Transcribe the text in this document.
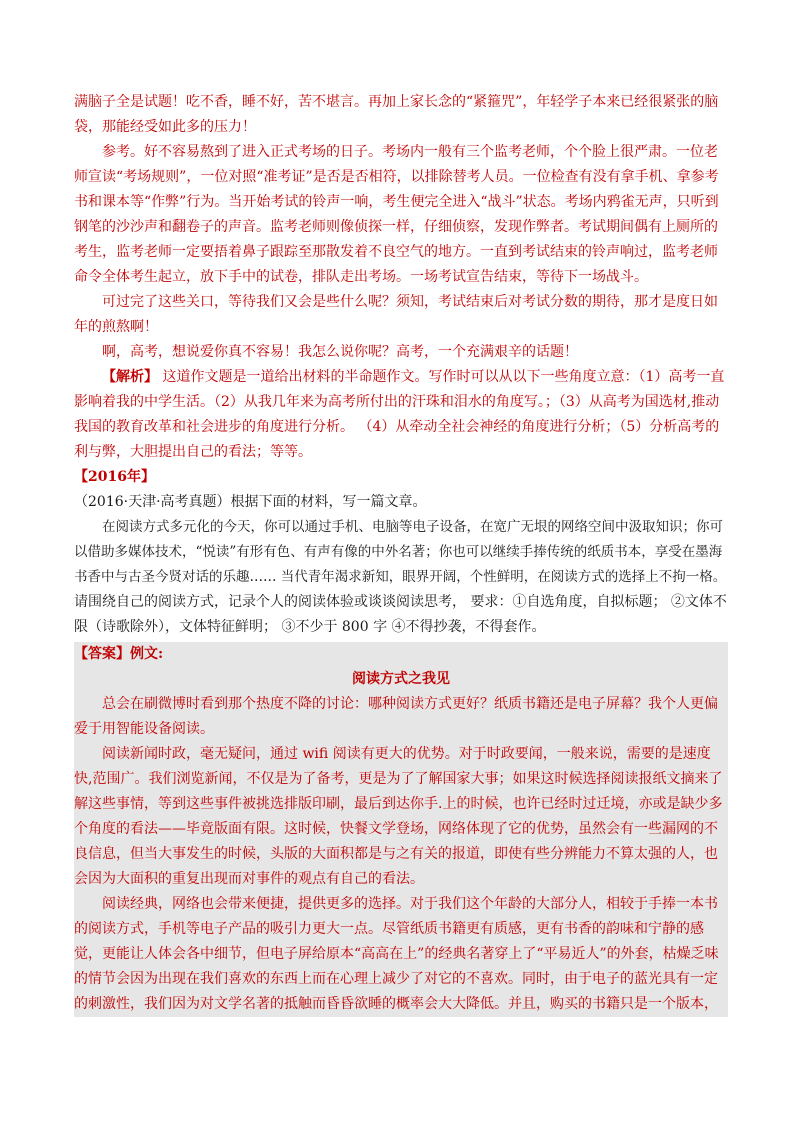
满脑子全是试题！吃不香，睡不好，苦不堪言。再加上家长念的“紧箍咒”，年轻学子本来已经很紧张的脑袋，那能经受如此多的压力！

参考。好不容易熬到了进入正式考场的日子。考场内一般有三个监考老师，个个脸上很严肃。一位老师宣读“考场规则”，一位对照“准考证”是否是否相符，以排除替考人员。一位检查有没有拿手机、拿参考书和课本等“作弊”行为。当开始考试的铃声一响，考生便完全进入“战斗”状态。考场内鸦雀无声，只听到钢笔的沙沙声和翻卷子的声音。监考老师则像侦探一样，仔细侦察，发现作弊者。考试期间偶有上厕所的考生，监考老师一定要捂着鼻子跟踪至那散发着不良空气的地方。一直到考试结束的铃声响过，监考老师命令全体考生起立，放下手中的试卷，排队走出考场。一场考试宣告结束，等待下一场战斗。

可过完了这些关口，等待我们又会是些什么呢？须知，考试结束后对考试分数的期待，那才是度日如年的煎熬啊！

啊，高考，想说爱你真不容易！我怎么说你呢？高考，一个充满艰辛的话题！

【解析】 这道作文题是一道给出材料的半命题作文。写作时可以从以下一些角度立意：（1）高考一直影响着我的中学生活。（2）从我几年来为高考所付出的汗珠和泪水的角度写。；（3）从高考为国选材,推动我国的教育改革和社会进步的角度进行分析。 （4）从牵动全社会神经的角度进行分析；（5）分析高考的利与弊，大胆提出自己的看法；等等。

【2016年】

（2016·天津·高考真题）根据下面的材料，写一篇文章。

在阅读方式多元化的今天，你可以通过手机、电脑等电子设备，在宽广无垠的网络空间中汲取知识；你可以借助多媒体技术，“悦读”有形有色、有声有像的中外名著；你也可以继续手捧传统的纸质书本，享受在墨海书香中与古圣今贤对话的乐趣…… 当代青年渴求新知，眼界开阔，个性鲜明，在阅读方式的选择上不拘一格。

请围绕自己的阅读方式，记录个人的阅读体验或谈谈阅读思考， 要求：①自选角度，自拟标题； ②文体不限（诗歌除外），文体特征鲜明； ③不少于 800 字 ④不得抄袭，不得套作。

【答案】例文:

阅读方式之我见

总会在刷微博时看到那个热度不降的讨论：哪种阅读方式更好？纸质书籍还是电子屏幕？我个人更偏爱于用智能设备阅读。

阅读新闻时政，毫无疑问，通过 wifi 阅读有更大的优势。对于时政要闻，一般来说，需要的是速度快,范围广。我们浏览新闻，不仅是为了备考，更是为了了解国家大事；如果这时候选择阅读报纸文摘来了解这些事情，等到这些事件被挑选排版印刷，最后到达你手.上的时候，也许已经时过迁境，亦或是缺少多个角度的看法——毕竟版面有限。这时候，快餐文学登场，网络体现了它的优势，虽然会有一些漏网的不良信息，但当大事发生的时候，头版的大面积都是与之有关的报道，即使有些分辨能力不算太强的人，也会因为大面积的重复出现而对事件的观点有自己的看法。

阅读经典，网络也会带来便捷，提供更多的选择。对于我们这个年龄的大部分人，相较于手捧一本书的阅读方式，手机等电子产品的吸引力更大一点。尽管纸质书籍更有质感，更有书香的韵味和宁静的感觉，更能让人体会各中细节，但电子屏给原本“高高在上”的经典名著穿上了“平易近人”的外套，枯燥乏味的情节会因为出现在我们喜欢的东西上而在心理上减少了对它的不喜欢。同时，由于电子的蓝光具有一定的刺激性，我们因为对文学名著的抵触而昏昏欲睡的概率会大大降低。并且，购买的书籍只是一个版本，
